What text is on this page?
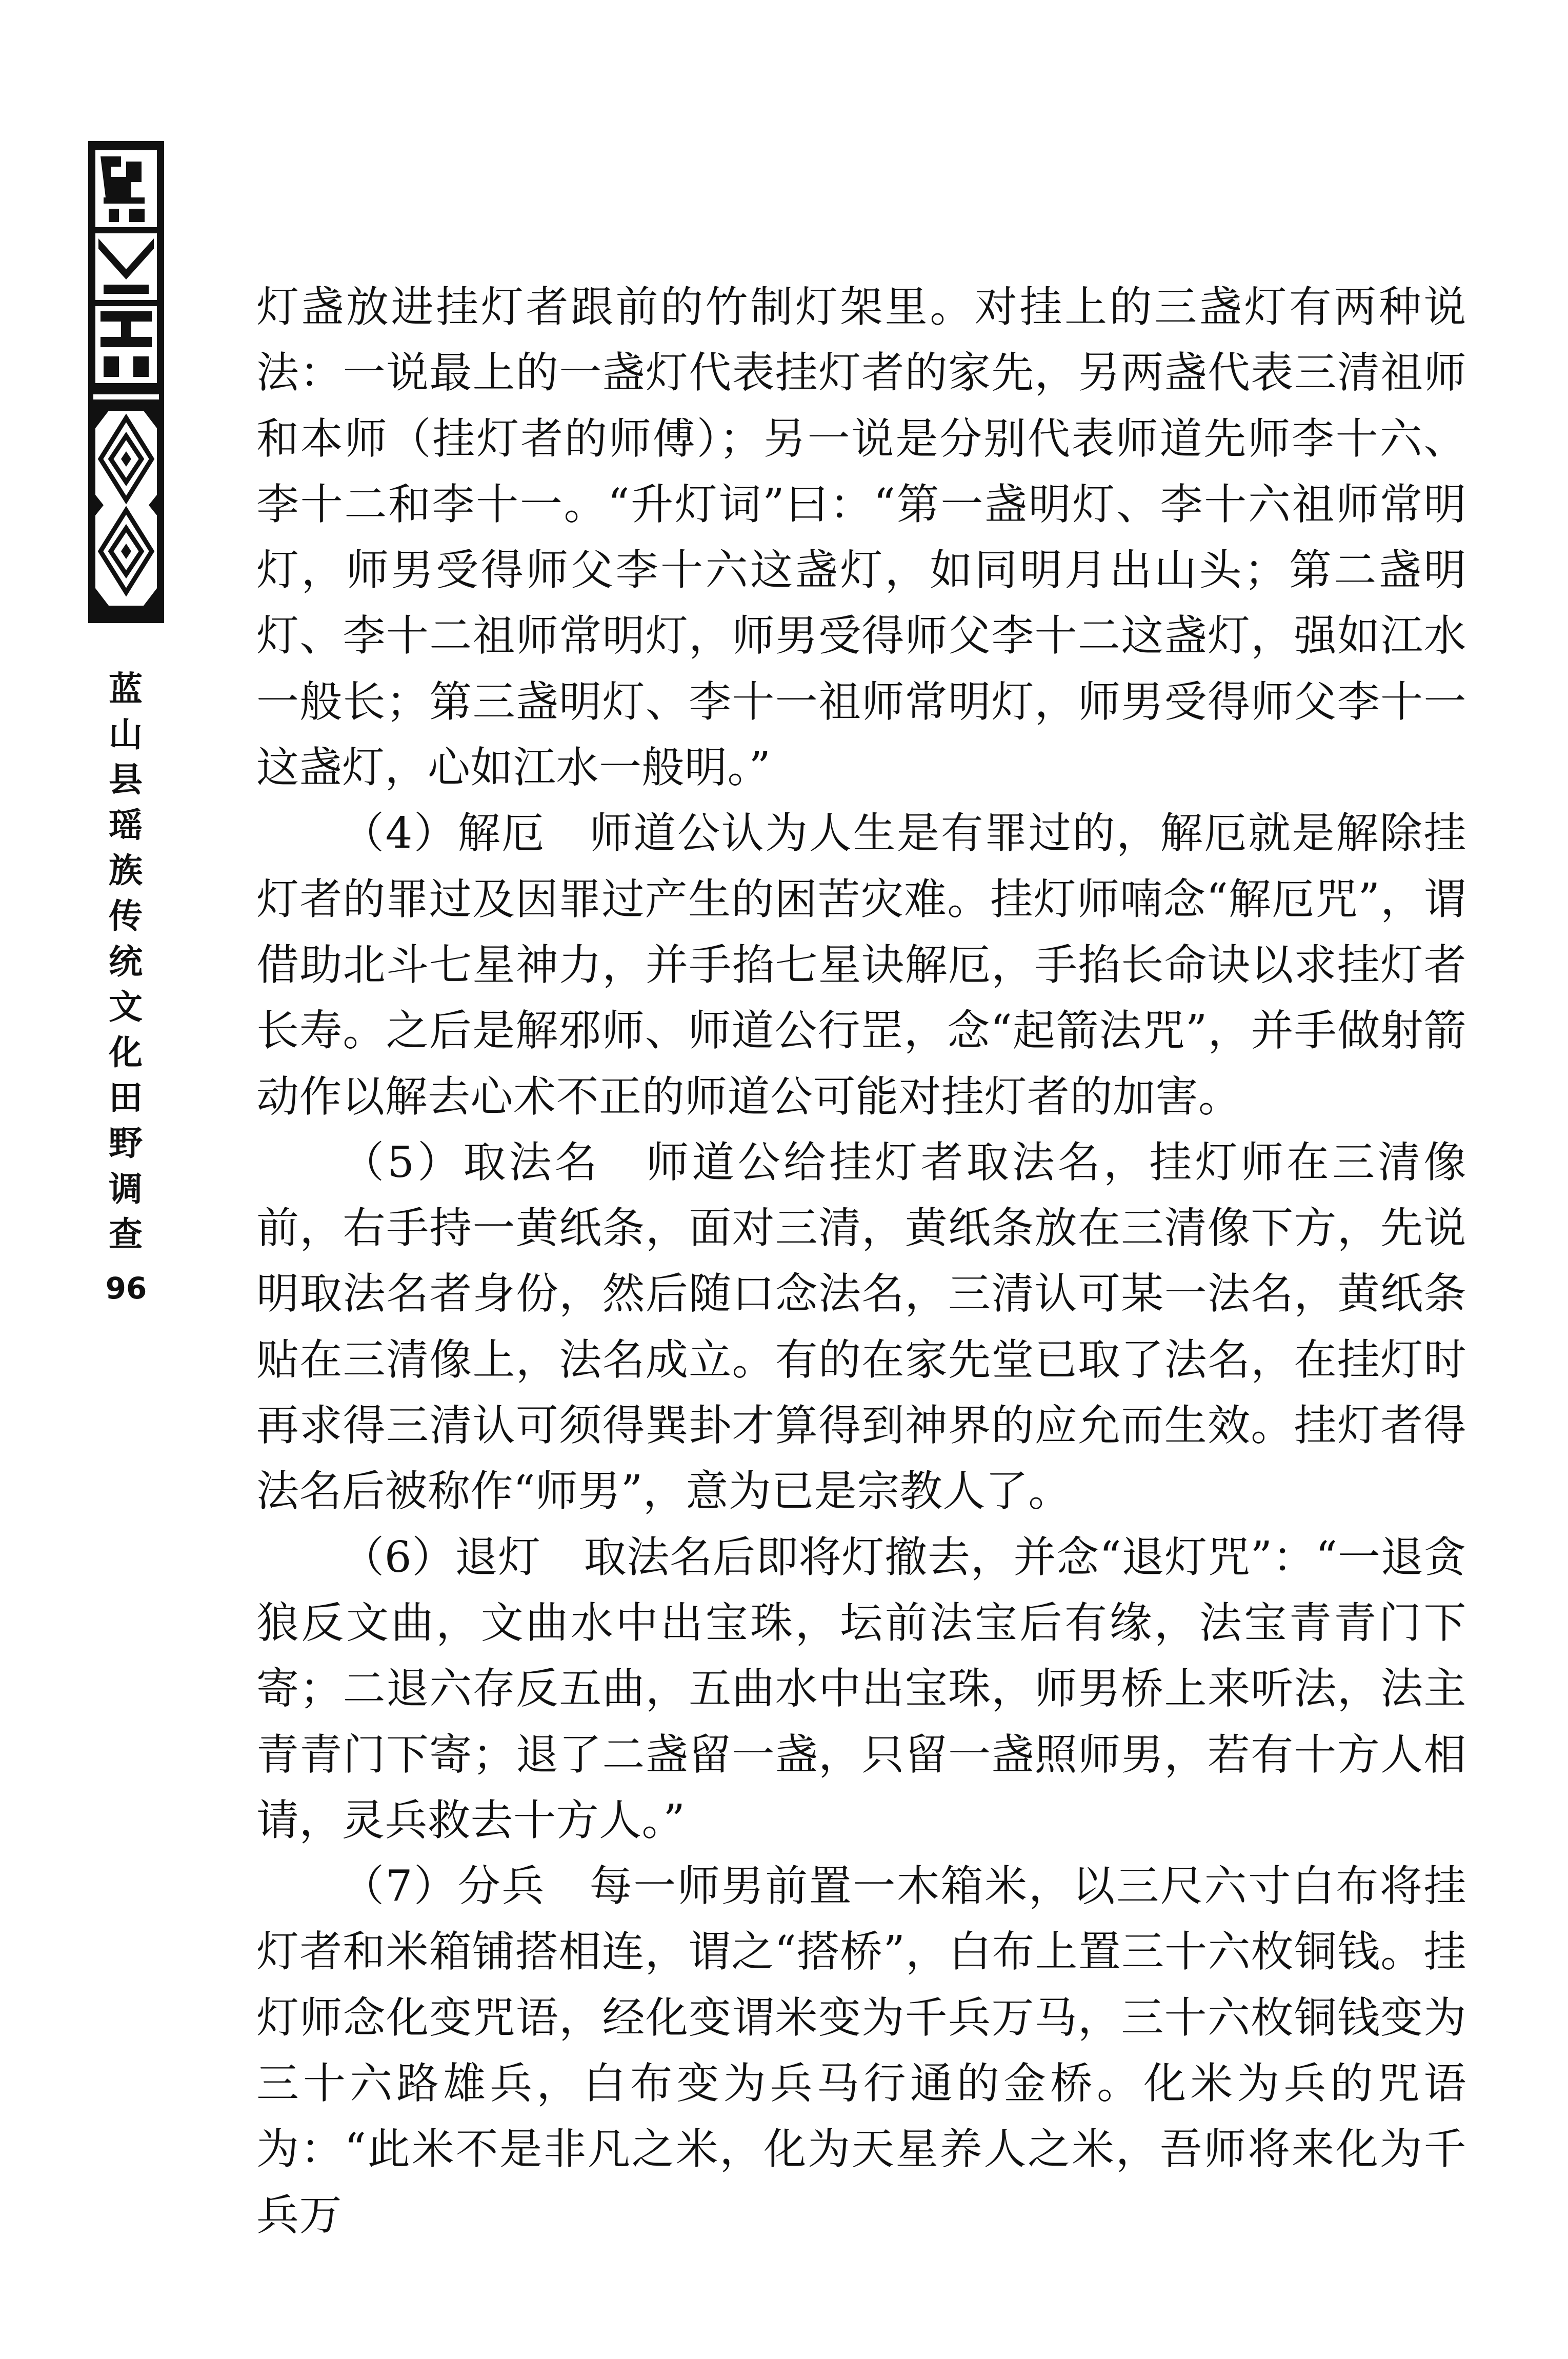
蓝
山
县
瑶
族
传
统
文
化
田
野
调
查
96

灯盏放进挂灯者跟前的竹制灯架里。对挂上的三盏灯有两种说法：一说最上的一盏灯代表挂灯者的家先，另两盏代表三清祖师和本师（挂灯者的师傅）；另一说是分别代表师道先师李十六、李十二和李十一。“升灯词”曰：“第一盏明灯、李十六祖师常明灯，师男受得师父李十六这盏灯，如同明月出山头；第二盏明灯、李十二祖师常明灯，师男受得师父李十二这盏灯，强如江水一般长；第三盏明灯、李十一祖师常明灯，师男受得师父李十一这盏灯，心如江水一般明。”

（4）解厄　师道公认为人生是有罪过的，解厄就是解除挂灯者的罪过及因罪过产生的困苦灾难。挂灯师喃念“解厄咒”，谓借助北斗七星神力，并手掐七星诀解厄，手掐长命诀以求挂灯者长寿。之后是解邪师、师道公行罡，念“起箭法咒”，并手做射箭动作以解去心术不正的师道公可能对挂灯者的加害。

（5）取法名　师道公给挂灯者取法名，挂灯师在三清像前，右手持一黄纸条，面对三清，黄纸条放在三清像下方，先说明取法名者身份，然后随口念法名，三清认可某一法名，黄纸条贴在三清像上，法名成立。有的在家先堂已取了法名，在挂灯时再求得三清认可须得巽卦才算得到神界的应允而生效。挂灯者得法名后被称作“师男”，意为已是宗教人了。

（6）退灯　取法名后即将灯撤去，并念“退灯咒”：“一退贪狼反文曲，文曲水中出宝珠，坛前法宝后有缘，法宝青青门下寄；二退六存反五曲，五曲水中出宝珠，师男桥上来听法，法主青青门下寄；退了二盏留一盏，只留一盏照师男，若有十方人相请，灵兵救去十方人。”

（7）分兵　每一师男前置一木箱米，以三尺六寸白布将挂灯者和米箱铺搭相连，谓之“搭桥”，白布上置三十六枚铜钱。挂灯师念化变咒语，经化变谓米变为千兵万马，三十六枚铜钱变为三十六路雄兵，白布变为兵马行通的金桥。化米为兵的咒语为：“此米不是非凡之米，化为天星养人之米，吾师将来化为千兵万
